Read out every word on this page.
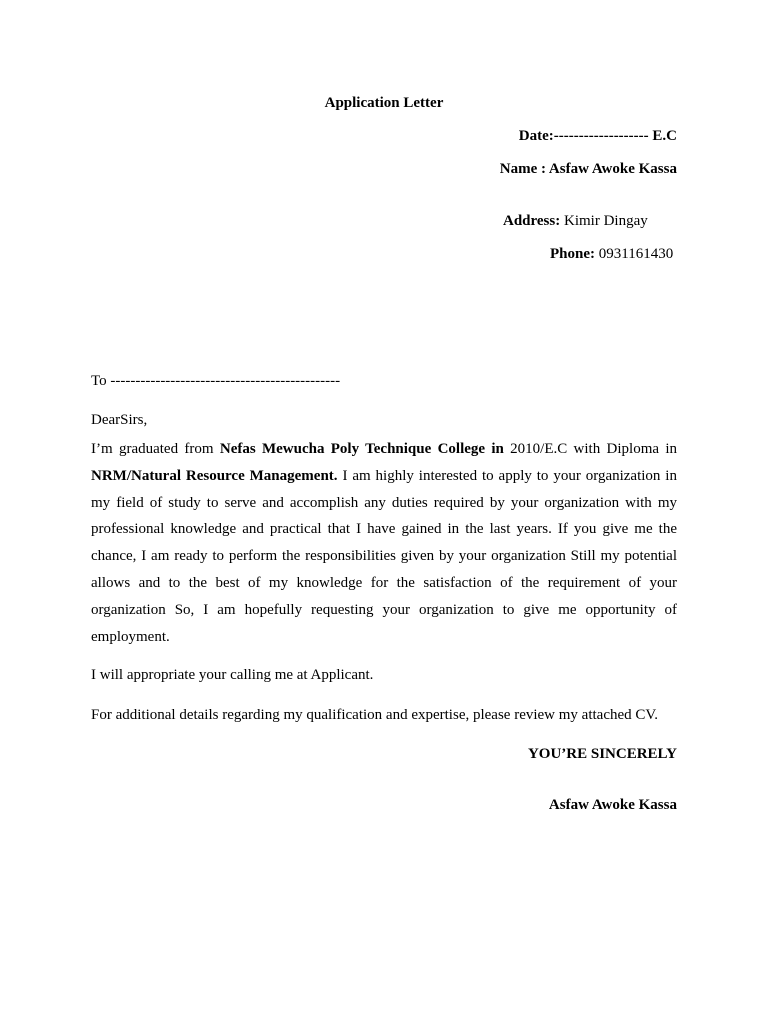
Application Letter
Date:------------------- E.C
Name : Asfaw Awoke Kassa
Address: Kimir Dingay
Phone: 0931161430
To ----------------------------------------------
DearSirs,
I’m graduated from Nefas Mewucha Poly Technique College in 2010/E.C with Diploma in
NRM/Natural Resource Management. I am highly interested to apply to your organization in
my field of study to serve and accomplish any duties required by your organization with my
professional knowledge and practical that I have gained in the last years. If you give me the
chance, I am ready to perform the responsibilities given by your organization Still my potential
allows and to the best of my knowledge for the satisfaction of the requirement of your
organization So, I am hopefully requesting your organization to give me opportunity of
employment.
I will appropriate your calling me at Applicant.
For additional details regarding my qualification and expertise, please review my attached CV.
YOU’RE SINCERELY
Asfaw Awoke Kassa
